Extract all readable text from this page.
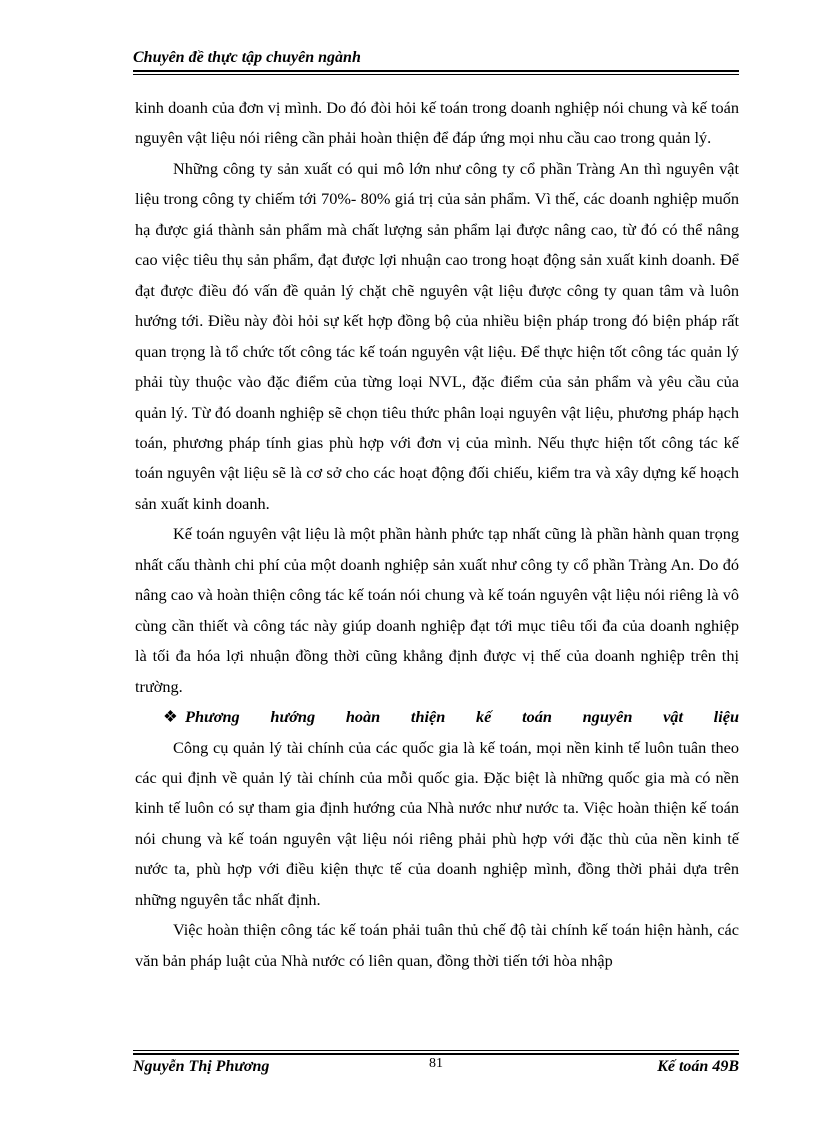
Chuyên đề thực tập chuyên ngành

kinh doanh của đơn vị mình. Do đó đòi hỏi kế toán trong doanh nghiệp nói chung và kế toán nguyên vật liệu nói riêng cần phải hoàn thiện để đáp ứng mọi nhu cầu cao trong quản lý.

Những công ty sản xuất có qui mô lớn như công ty cổ phần Tràng An thì nguyên vật liệu trong công ty chiếm tới 70%- 80% giá trị của sản phẩm. Vì thế, các doanh nghiệp muốn hạ được giá thành sản phẩm mà chất lượng sản phẩm lại được nâng cao, từ đó có thể nâng cao việc tiêu thụ sản phẩm, đạt được lợi nhuận cao trong hoạt động sản xuất kinh doanh. Để đạt được điều đó vấn đề quản lý chặt chẽ nguyên vật liệu được công ty quan tâm và luôn hướng tới. Điều này đòi hỏi sự kết hợp đồng bộ của nhiều biện pháp trong đó biện pháp rất quan trọng là tổ chức tốt công tác kế toán nguyên vật liệu. Để thực hiện tốt công tác quản lý phải tùy thuộc vào đặc điểm của từng loại NVL, đặc điểm của sản phẩm và yêu cầu của quản lý. Từ đó doanh nghiệp sẽ chọn tiêu thức phân loại nguyên vật liệu, phương pháp hạch toán, phương pháp tính gias phù hợp với đơn vị của mình. Nếu thực hiện tốt công tác kế toán nguyên vật liệu sẽ là cơ sở cho các hoạt động đối chiếu, kiểm tra và xây dựng kế hoạch sản xuất kinh doanh.

Kế toán nguyên vật liệu là một phần hành phức tạp nhất cũng là phần hành quan trọng nhất cấu thành chi phí của một doanh nghiệp sản xuất như công ty cổ phần Tràng An. Do đó nâng cao và hoàn thiện công tác kế toán nói chung và kế toán nguyên vật liệu nói riêng là vô cùng cần thiết và công tác này giúp doanh nghiệp đạt tới mục tiêu tối đa của doanh nghiệp là tối đa hóa lợi nhuận đồng thời cũng khẳng định được vị thế của doanh nghiệp trên thị trường.

❖ Phương hướng hoàn thiện kế toán nguyên vật liệu

Công cụ quản lý tài chính của các quốc gia là kế toán, mọi nền kinh tế luôn tuân theo các qui định về quản lý tài chính của mỗi quốc gia. Đặc biệt là những quốc gia mà có nền kinh tế luôn có sự tham gia định hướng của Nhà nước như nước ta. Việc hoàn thiện kế toán nói chung và kế toán nguyên vật liệu nói riêng phải phù hợp với đặc thù của nền kinh tế nước ta, phù hợp với điều kiện thực tế của doanh nghiệp mình, đồng thời phải dựa trên những nguyên tắc nhất định.

Việc hoàn thiện công tác kế toán phải tuân thủ chế độ tài chính kế toán hiện hành, các văn bản pháp luật của Nhà nước có liên quan, đồng thời tiến tới hòa nhập

Nguyễn Thị Phương	81	Kế toán 49B
